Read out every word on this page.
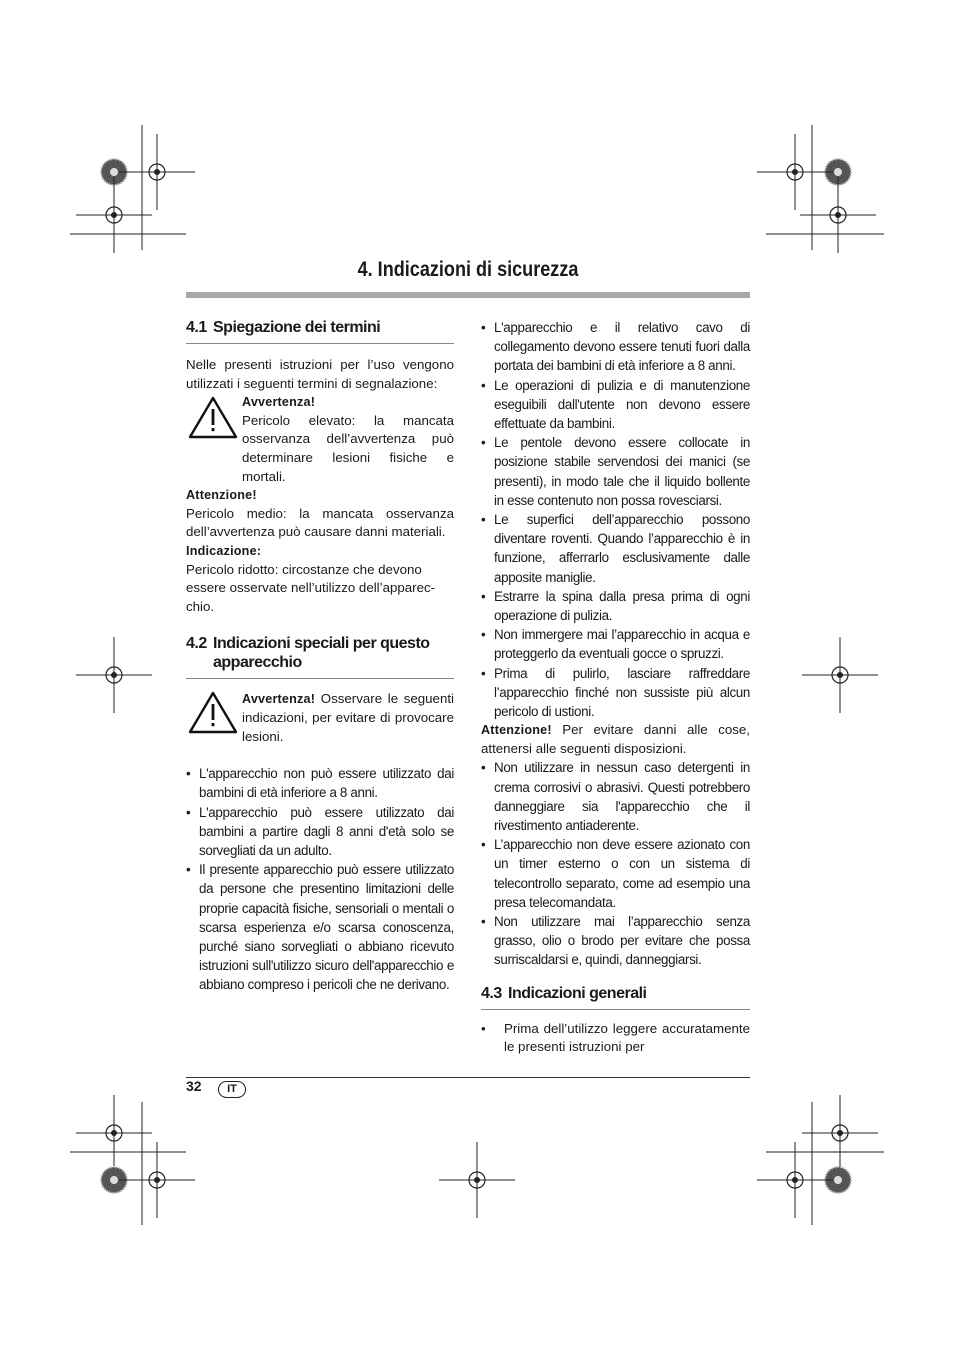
4. Indicazioni di sicurezza
4.1 Spiegazione dei termini

Nelle presenti istruzioni per l’uso vengono utilizzati i seguenti termini di segnalazione:

Avvertenza!

Pericolo elevato: la mancata osservanza dell’avvertenza può determinare lesioni fisiche e mortali.

Attenzione!

Pericolo medio: la mancata osservanza dell’avvertenza può causare danni materiali.

Indicazione:

Pericolo ridotto: circostanze che devono essere osservate nell’utilizzo dell’apparec-chio.

4.2 Indicazioni speciali per questo apparecchio

Avvertenza! Osservare le seguenti indicazioni, per evitare di provocare lesioni.

• L'apparecchio non può essere utilizzato dai bambini di età inferiore a 8 anni.
• L'apparecchio può essere utilizzato dai bambini a partire dagli 8 anni d'età solo se sorvegliati da un adulto.
• Il presente apparecchio può essere utilizzato da persone che presentino limitazioni delle proprie capacità fisiche, sensoriali o mentali o scarsa esperienza e/o scarsa conoscenza, purché siano sorvegliati o abbiano ricevuto istruzioni sull'utilizzo sicuro dell'apparecchio e abbiano compreso i pericoli che ne derivano.
• L'apparecchio e il relativo cavo di collegamento devono essere tenuti fuori dalla portata dei bambini di età inferiore a 8 anni.
• Le operazioni di pulizia e di manutenzione eseguibili dall'utente non devono essere effettuate da bambini.
• Le pentole devono essere collocate in posizione stabile servendosi dei manici (se presenti), in modo tale che il liquido bollente in esse contenuto non possa rovesciarsi.
• Le superfici dell’apparecchio possono diventare roventi. Quando l’apparecchio è in funzione, afferrarlo esclusivamente dalle apposite maniglie.
• Estrarre la spina dalla presa prima di ogni operazione di pulizia.
• Non immergere mai l’apparecchio in acqua e proteggerlo da eventuali gocce o spruzzi.
• Prima di pulirlo, lasciare raffreddare l’apparecchio finché non sussiste più alcun pericolo di ustioni.

Attenzione! Per evitare danni alle cose, attenersi alle seguenti disposizioni.

• Non utilizzare in nessun caso detergenti in crema corrosivi o abrasivi. Questi potrebbero danneggiare sia l'apparecchio che il rivestimento antiaderente.
• L’apparecchio non deve essere azionato con un timer esterno o con un sistema di telecontrollo separato, come ad esempio una presa telecomandata.
• Non utilizzare mai l’apparecchio senza grasso, olio o brodo per evitare che possa surriscaldarsi e, quindi, danneggiarsi.
4.3 Indicazioni generali
• Prima dell’utilizzo leggere accuratamente le presenti istruzioni per
32	IT
